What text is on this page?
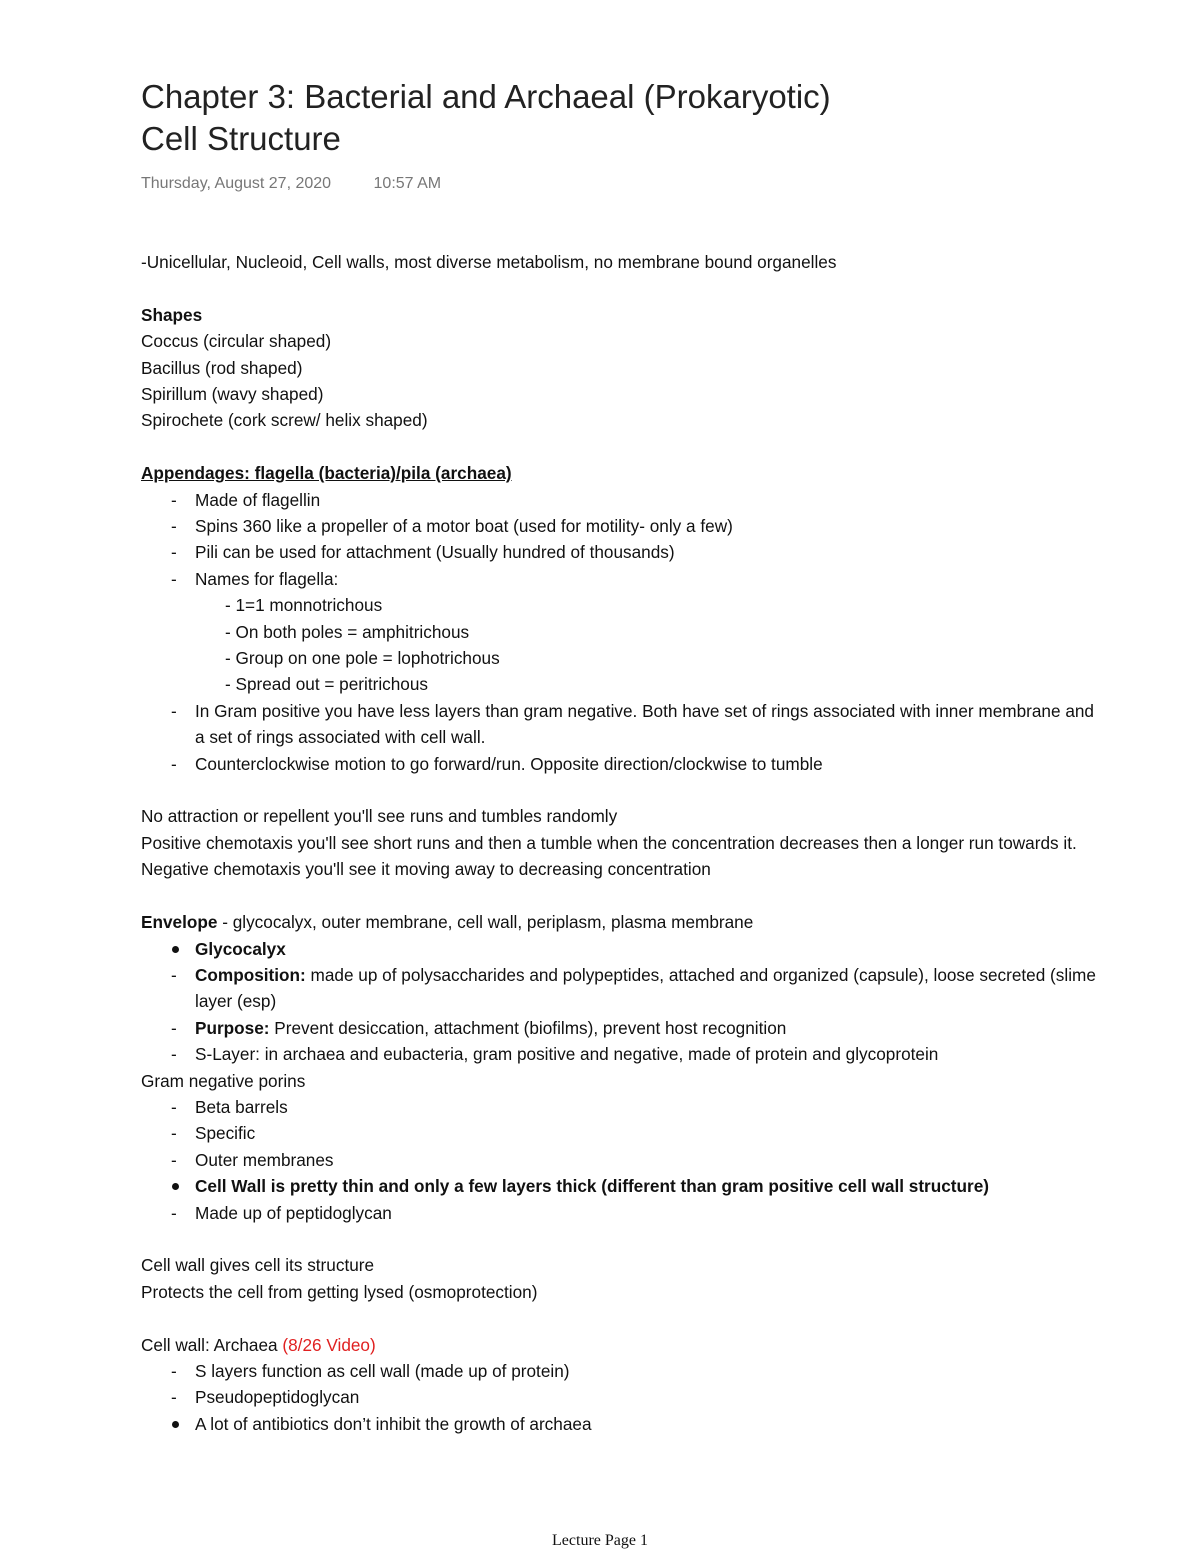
Chapter 3: Bacterial and Archaeal (Prokaryotic)
Cell Structure
Thursday, August 27, 2020	10:57 AM
-Unicellular, Nucleoid, Cell walls, most diverse metabolism, no membrane bound organelles
Shapes
Coccus (circular shaped)
Bacillus (rod shaped)
Spirillum (wavy shaped)
Spirochete (cork screw/ helix shaped)
Appendages: flagella (bacteria)/pila (archaea)
- Made of flagellin
- Spins 360 like a propeller of a motor boat (used for motility- only a few)
- Pili can be used for attachment (Usually hundred of thousands)
- Names for flagella:
- 1=1 monnotrichous
- On both poles = amphitrichous
- Group on one pole = lophotrichous
- Spread out = peritrichous
- In Gram positive you have less layers than gram negative. Both have set of rings associated with inner membrane and a set of rings associated with cell wall.
- Counterclockwise motion to go forward/run. Opposite direction/clockwise to tumble
No attraction or repellent you'll see runs and tumbles randomly
Positive chemotaxis you'll see short runs and then a tumble when the concentration decreases then a longer run towards it.
Negative chemotaxis you'll see it moving away to decreasing concentration
Envelope - glycocalyx, outer membrane, cell wall, periplasm, plasma membrane
Glycocalyx
- Composition: made up of polysaccharides and polypeptides, attached and organized (capsule), loose secreted (slime layer (esp)
- Purpose: Prevent desiccation, attachment (biofilms), prevent host recognition
- S-Layer: in archaea and eubacteria, gram positive and negative, made of protein and glycoprotein
Gram negative porins
- Beta barrels
- Specific
- Outer membranes
Cell Wall is pretty thin and only a few layers thick (different than gram positive cell wall structure)
- Made up of peptidoglycan
Cell wall gives cell its structure
Protects the cell from getting lysed (osmoprotection)
Cell wall: Archaea (8/26 Video)
- S layers function as cell wall (made up of protein)
- Pseudopeptidoglycan
A lot of antibiotics don’t inhibit the growth of archaea
Lecture Page 1
